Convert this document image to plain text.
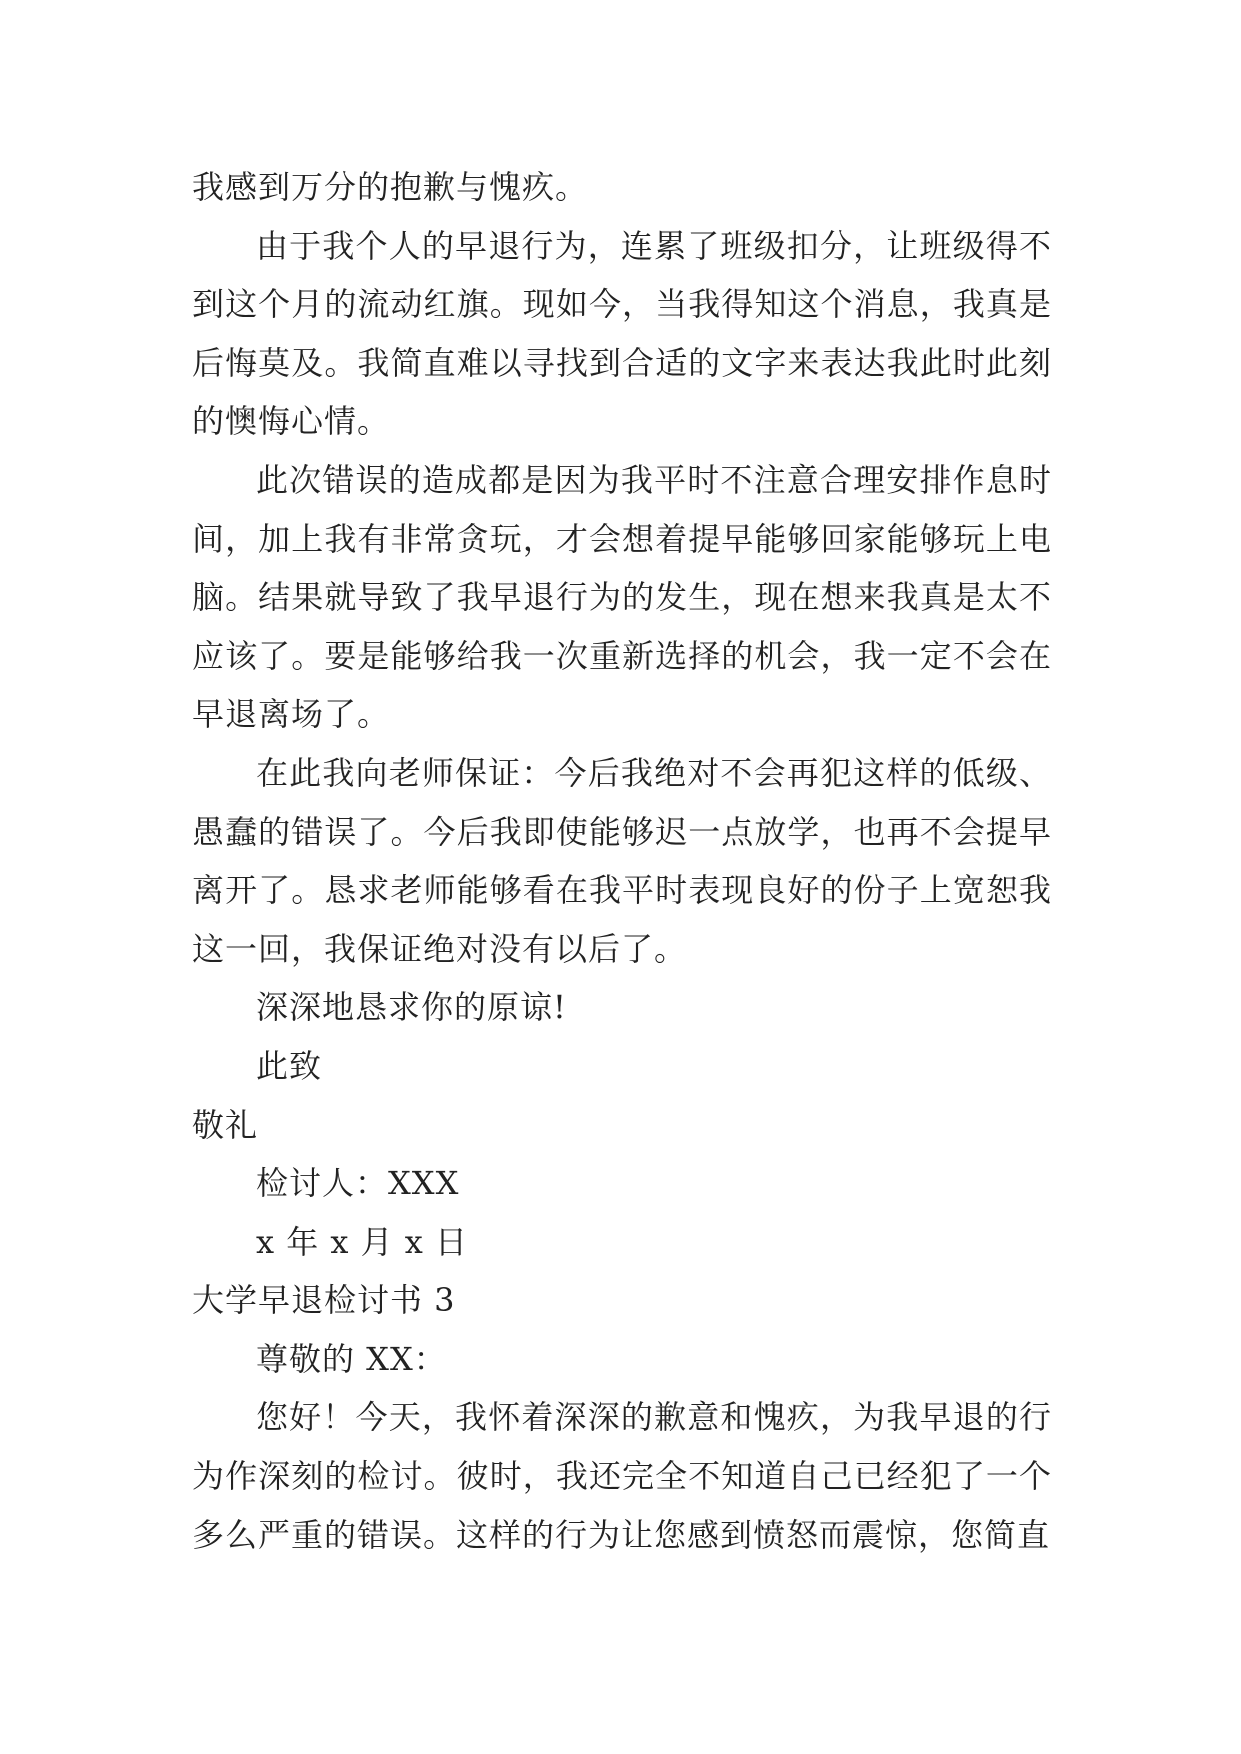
我感到万分的抱歉与愧疚。

由于我个人的早退行为，连累了班级扣分，让班级得不到这个月的流动红旗。现如今，当我得知这个消息，我真是后悔莫及。我简直难以寻找到合适的文字来表达我此时此刻的懊悔心情。

此次错误的造成都是因为我平时不注意合理安排作息时间，加上我有非常贪玩，才会想着提早能够回家能够玩上电脑。结果就导致了我早退行为的发生，现在想来我真是太不应该了。要是能够给我一次重新选择的机会，我一定不会在早退离场了。

在此我向老师保证：今后我绝对不会再犯这样的低级、愚蠢的错误了。今后我即使能够迟一点放学，也再不会提早离开了。恳求老师能够看在我平时表现良好的份子上宽恕我这一回，我保证绝对没有以后了。

深深地恳求你的原谅!

此致

敬礼

检讨人：XXX

x 年 x 月 x 日

大学早退检讨书 3

尊敬的 XX：

您好！今天，我怀着深深的歉意和愧疚，为我早退的行为作深刻的检讨。彼时，我还完全不知道自己已经犯了一个多么严重的错误。这样的行为让您感到愤怒而震惊，您简直
